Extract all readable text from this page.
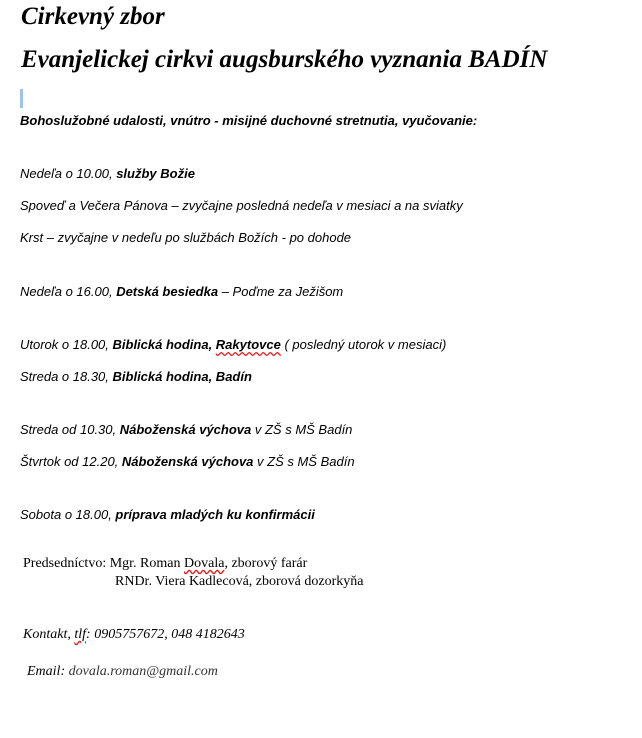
Cirkevný zbor
Evanjelickej cirkvi augsburského vyznania BADÍN
Bohoslužobné udalosti, vnútro - misijné duchovné stretnutia, vyučovanie:
Nedeľa o 10.00, služby Božie
Spoveď a Večera Pánova – zvyčajne posledná nedeľa v mesiaci a na sviatky
Krst – zvyčajne v nedeľu po službách Božích - po dohode
Nedeľa o 16.00, Detská besiedka – Poďme za Ježišom
Utorok o 18.00, Biblická hodina, Rakytovce ( posledný utorok v mesiaci)
Streda o 18.30, Biblická hodina, Badín
Streda od 10.30, Náboženská výchova v ZŠ s MŠ Badín
Štvrtok od 12.20, Náboženská výchova v ZŠ s MŠ Badín
Sobota o 18.00, príprava mladých ku konfirmácii
Predsedníctvo: Mgr. Roman Dovala, zborový farár
RNDr. Viera Kadlecová, zborová dozorkyňa
Kontakt, tlf: 0905757672, 048 4182643
Email: dovala.roman@gmail.com
